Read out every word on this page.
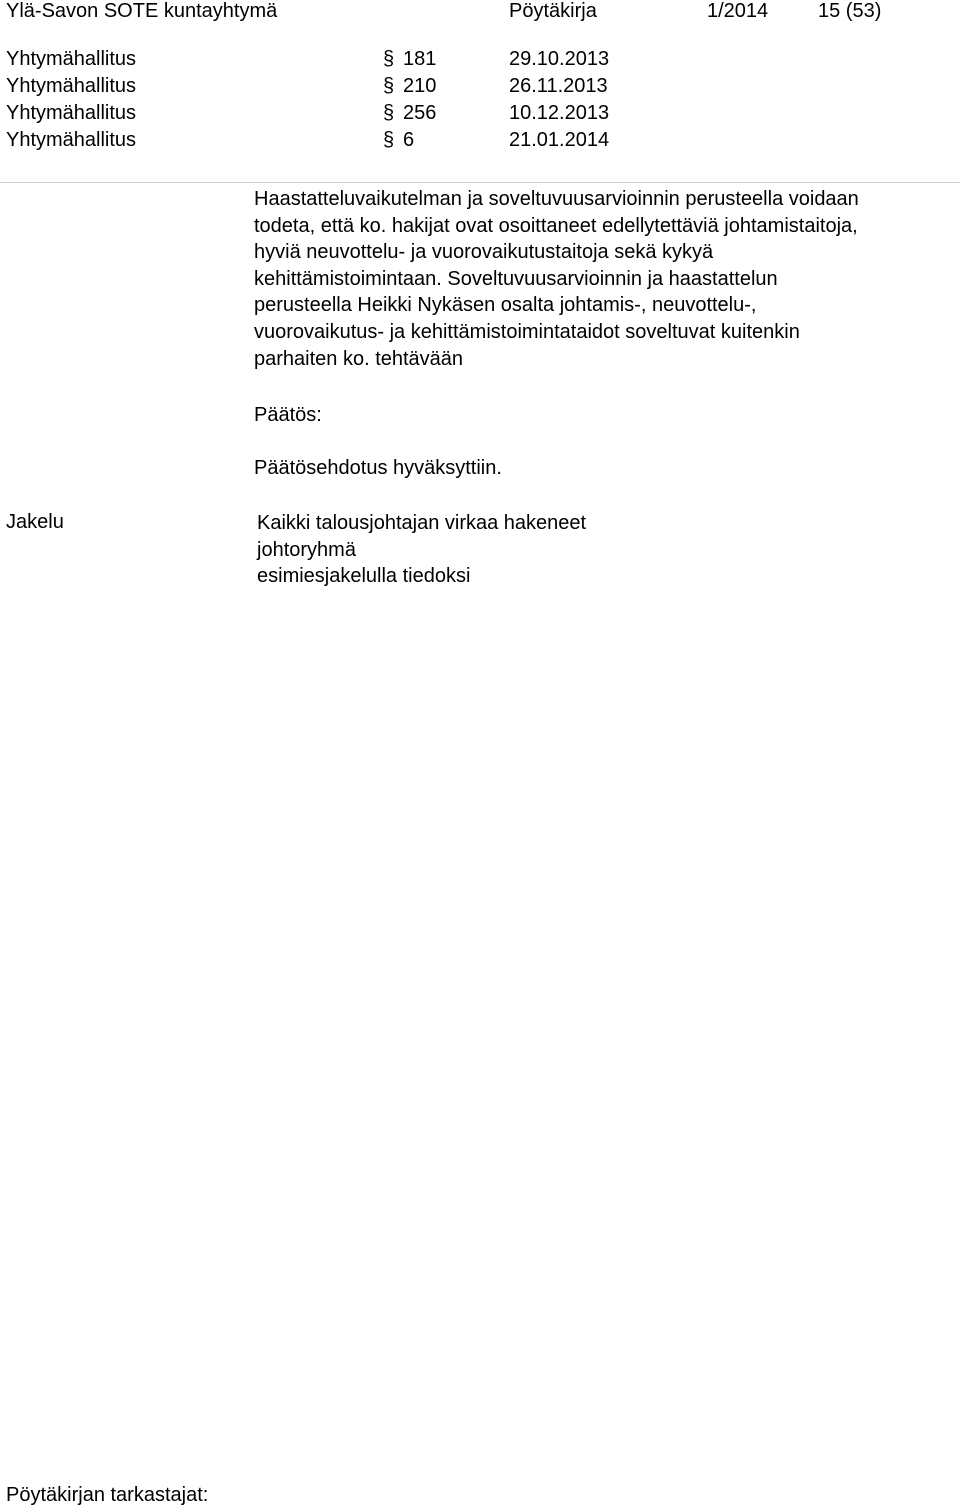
Ylä-Savon SOTE kuntayhtymä	Pöytäkirja	1/2014 15 (53)
Yhtymähallitus	§ 181	29.10.2013
Yhtymähallitus	§ 210	26.11.2013
Yhtymähallitus	§ 256	10.12.2013
Yhtymähallitus	§ 6	21.01.2014
Haastatteluvaikutelman ja soveltuvuusarvioinnin perusteella voidaan
todeta, että ko. hakijat ovat osoittaneet edellytettäviä johtamistaitoja,
hyviä neuvottelu- ja vuorovaikutustaitoja sekä kykyä
kehittämistoimintaan. Soveltuvuusarvioinnin ja haastattelun
perusteella Heikki Nykäsen osalta johtamis-, neuvottelu-,
vuorovaikutus- ja kehittämistoimintataidot soveltuvat kuitenkin
parhaiten ko. tehtävään
Päätös:
Päätösehdotus hyväksyttiin.
Jakelu	Kaikki talousjohtajan virkaa hakeneet
johtoryhmä
esimiesjakelulla tiedoksi
Pöytäkirjan tarkastajat:
